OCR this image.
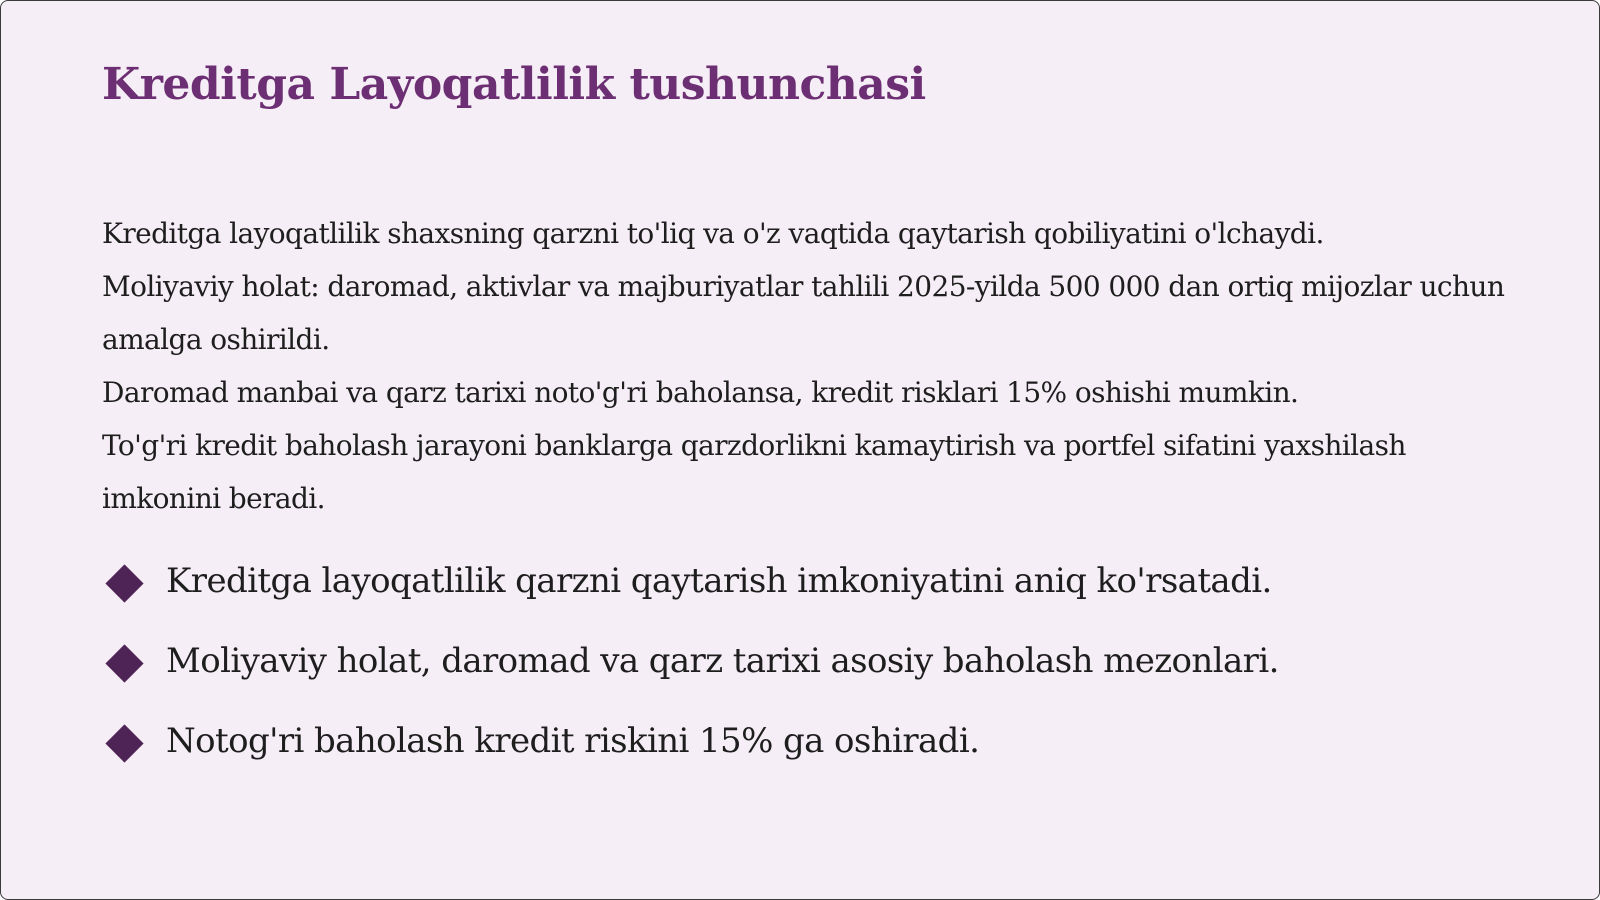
Kreditga Layoqatlilik tushunchasi

Kreditga layoqatlilik shaxsning qarzni to'liq va o'z vaqtida qaytarish qobiliyatini o'lchaydi.

Moliyaviy holat: daromad, aktivlar va majburiyatlar tahlili 2025-yilda 500 000 dan ortiq mijozlar uchun amalga oshirildi.

Daromad manbai va qarz tarixi noto'g'ri baholansa, kredit risklari 15% oshishi mumkin.

To'g'ri kredit baholash jarayoni banklarga qarzdorlikni kamaytirish va portfel sifatini yaxshilash imkonini beradi.

Kreditga layoqatlilik qarzni qaytarish imkoniyatini aniq ko'rsatadi.
Moliyaviy holat, daromad va qarz tarixi asosiy baholash mezonlari.
Notog'ri baholash kredit riskini 15% ga oshiradi.
